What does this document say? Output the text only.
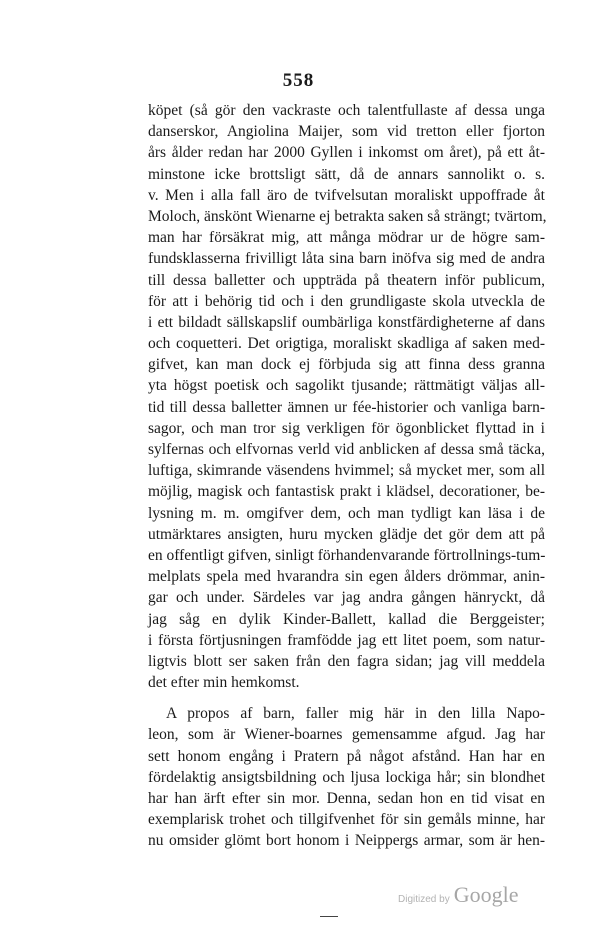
558
köpet (så gör den vackraste och talentfullaste af dessa unga
danserskor, Angiolina Maijer, som vid tretton eller fjorton
års ålder redan har 2000 Gyllen i inkomst om året), på ett åt-
minstone icke brottsligt sätt, då de annars sannolikt o. s.
v. Men i alla fall äro de tvifvelsutan moraliskt uppoffrade åt
Moloch, änskönt Wienarne ej betrakta saken så strängt; tvärtom,
man har försäkrat mig, att många mödrar ur de högre sam-
fundsklasserna frivilligt låta sina barn inöfva sig med de andra
till dessa balletter och uppträda på theatern inför publicum,
för att i behörig tid och i den grundligaste skola utveckla de
i ett bildadt sällskapslif oumbärliga konstfärdigheterne af dans
och coquetteri. Det origtiga, moraliskt skadliga af saken med-
gifvet, kan man dock ej förbjuda sig att finna dess granna
yta högst poetisk och sagolikt tjusande; rättmätigt väljas all-
tid till dessa balletter ämnen ur fée-historier och vanliga barn-
sagor, och man tror sig verkligen för ögonblicket flyttad in i
sylfernas och elfvornas verld vid anblicken af dessa små täcka,
luftiga, skimrande väsendens hvimmel; så mycket mer, som all
möjlig, magisk och fantastisk prakt i klädsel, decorationer, be-
lysning m. m. omgifver dem, och man tydligt kan läsa i de
utmärktares ansigten, huru mycken glädje det gör dem att på
en offentligt gifven, sinligt förhandenvarande förtrollnings-tum-
melplats spela med hvarandra sin egen ålders drömmar, anin-
gar och under. Särdeles var jag andra gången hänryckt, då
jag såg en dylik Kinder-Ballett, kallad die Berggeister;
i första förtjusningen framfödde jag ett litet poem, som natur-
ligtvis blott ser saken från den fagra sidan; jag vill meddela
det efter min hemkomst.
A propos af barn, faller mig här in den lilla Napo-
leon, som är Wiener-boarnes gemensamme afgud. Jag har
sett honom engång i Pratern på något afstånd. Han har en
fördelaktig ansigtsbildning och ljusa lockiga hår; sin blondhet
har han ärft efter sin mor. Denna, sedan hon en tid visat en
exemplarisk trohet och tillgifvenhet för sin gemåls minne, har
nu omsider glömt bort honom i Neippergs armar, som är hen-
Digitized by Google
